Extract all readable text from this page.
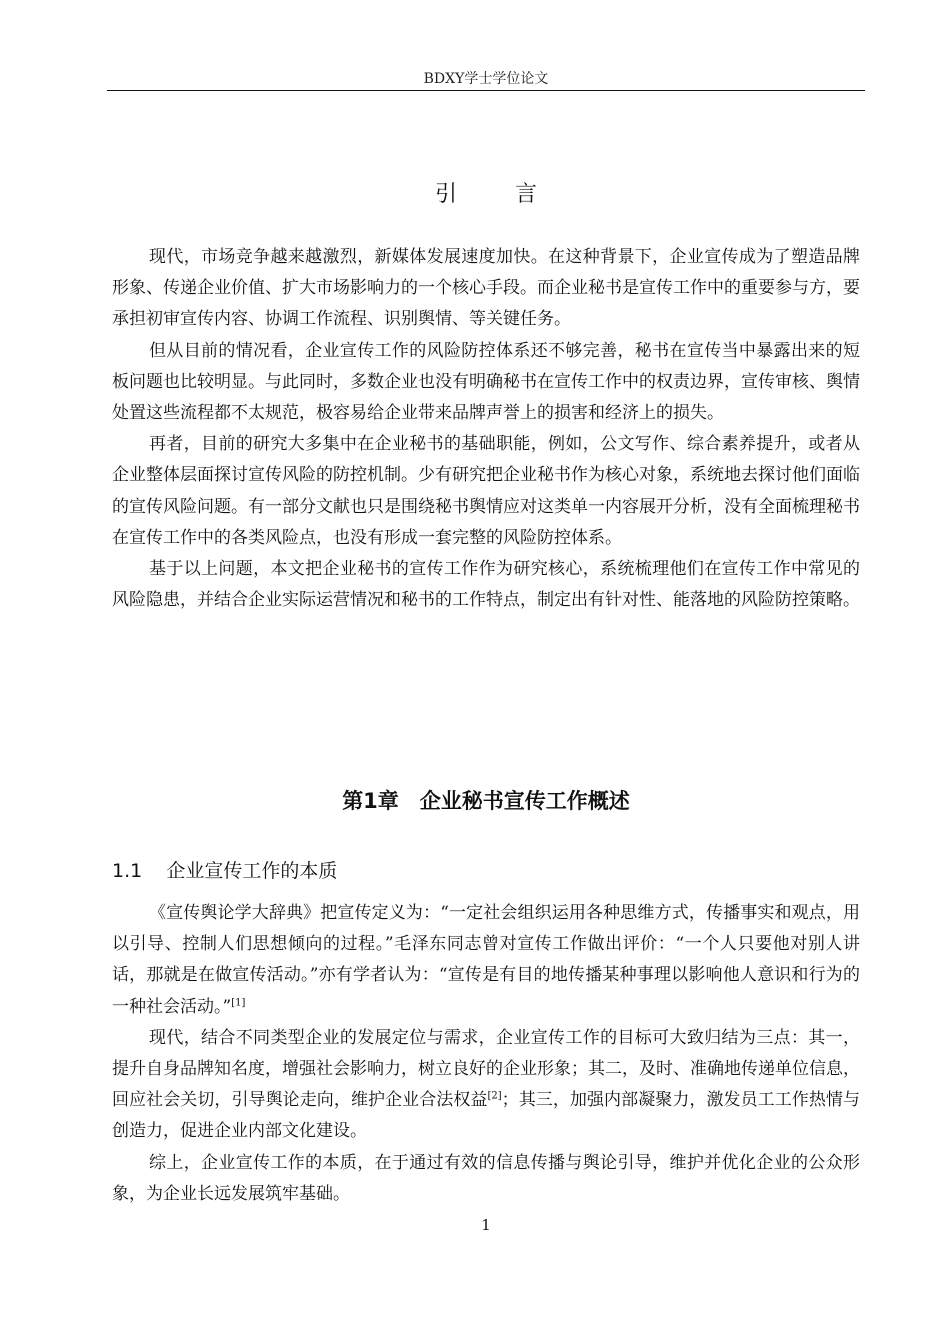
BDXY学士学位论文
引言

现代，市场竞争越来越激烈，新媒体发展速度加快。在这种背景下，企业宣传成为了塑造品牌形象、传递企业价值、扩大市场影响力的一个核心手段。而企业秘书是宣传工作中的重要参与方，要承担初审宣传内容、协调工作流程、识别舆情、等关键任务。

但从目前的情况看，企业宣传工作的风险防控体系还不够完善，秘书在宣传当中暴露出来的短板问题也比较明显。与此同时，多数企业也没有明确秘书在宣传工作中的权责边界，宣传审核、舆情处置这些流程都不太规范，极容易给企业带来品牌声誉上的损害和经济上的损失。

再者，目前的研究大多集中在企业秘书的基础职能，例如，公文写作、综合素养提升，或者从企业整体层面探讨宣传风险的防控机制。少有研究把企业秘书作为核心对象，系统地去探讨他们面临的宣传风险问题。有一部分文献也只是围绕秘书舆情应对这类单一内容展开分析，没有全面梳理秘书在宣传工作中的各类风险点，也没有形成一套完整的风险防控体系。

基于以上问题，本文把企业秘书的宣传工作作为研究核心，系统梳理他们在宣传工作中常见的风险隐患，并结合企业实际运营情况和秘书的工作特点，制定出有针对性、能落地的风险防控策略。

第1章　企业秘书宣传工作概述
1.1 企业宣传工作的本质

《宣传舆论学大辞典》把宣传定义为：“一定社会组织运用各种思维方式，传播事实和观点，用以引导、控制人们思想倾向的过程。”毛泽东同志曾对宣传工作做出评价：“一个人只要他对别人讲话，那就是在做宣传活动。”亦有学者认为：“宣传是有目的地传播某种事理以影响他人意识和行为的一种社会活动。”[1]

现代，结合不同类型企业的发展定位与需求，企业宣传工作的目标可大致归结为三点：其一，提升自身品牌知名度，增强社会影响力，树立良好的企业形象；其二，及时、准确地传递单位信息，回应社会关切，引导舆论走向，维护企业合法权益[2]；其三，加强内部凝聚力，激发员工工作热情与创造力，促进企业内部文化建设。

综上，企业宣传工作的本质，在于通过有效的信息传播与舆论引导，维护并优化企业的公众形象，为企业长远发展筑牢基础。

1
